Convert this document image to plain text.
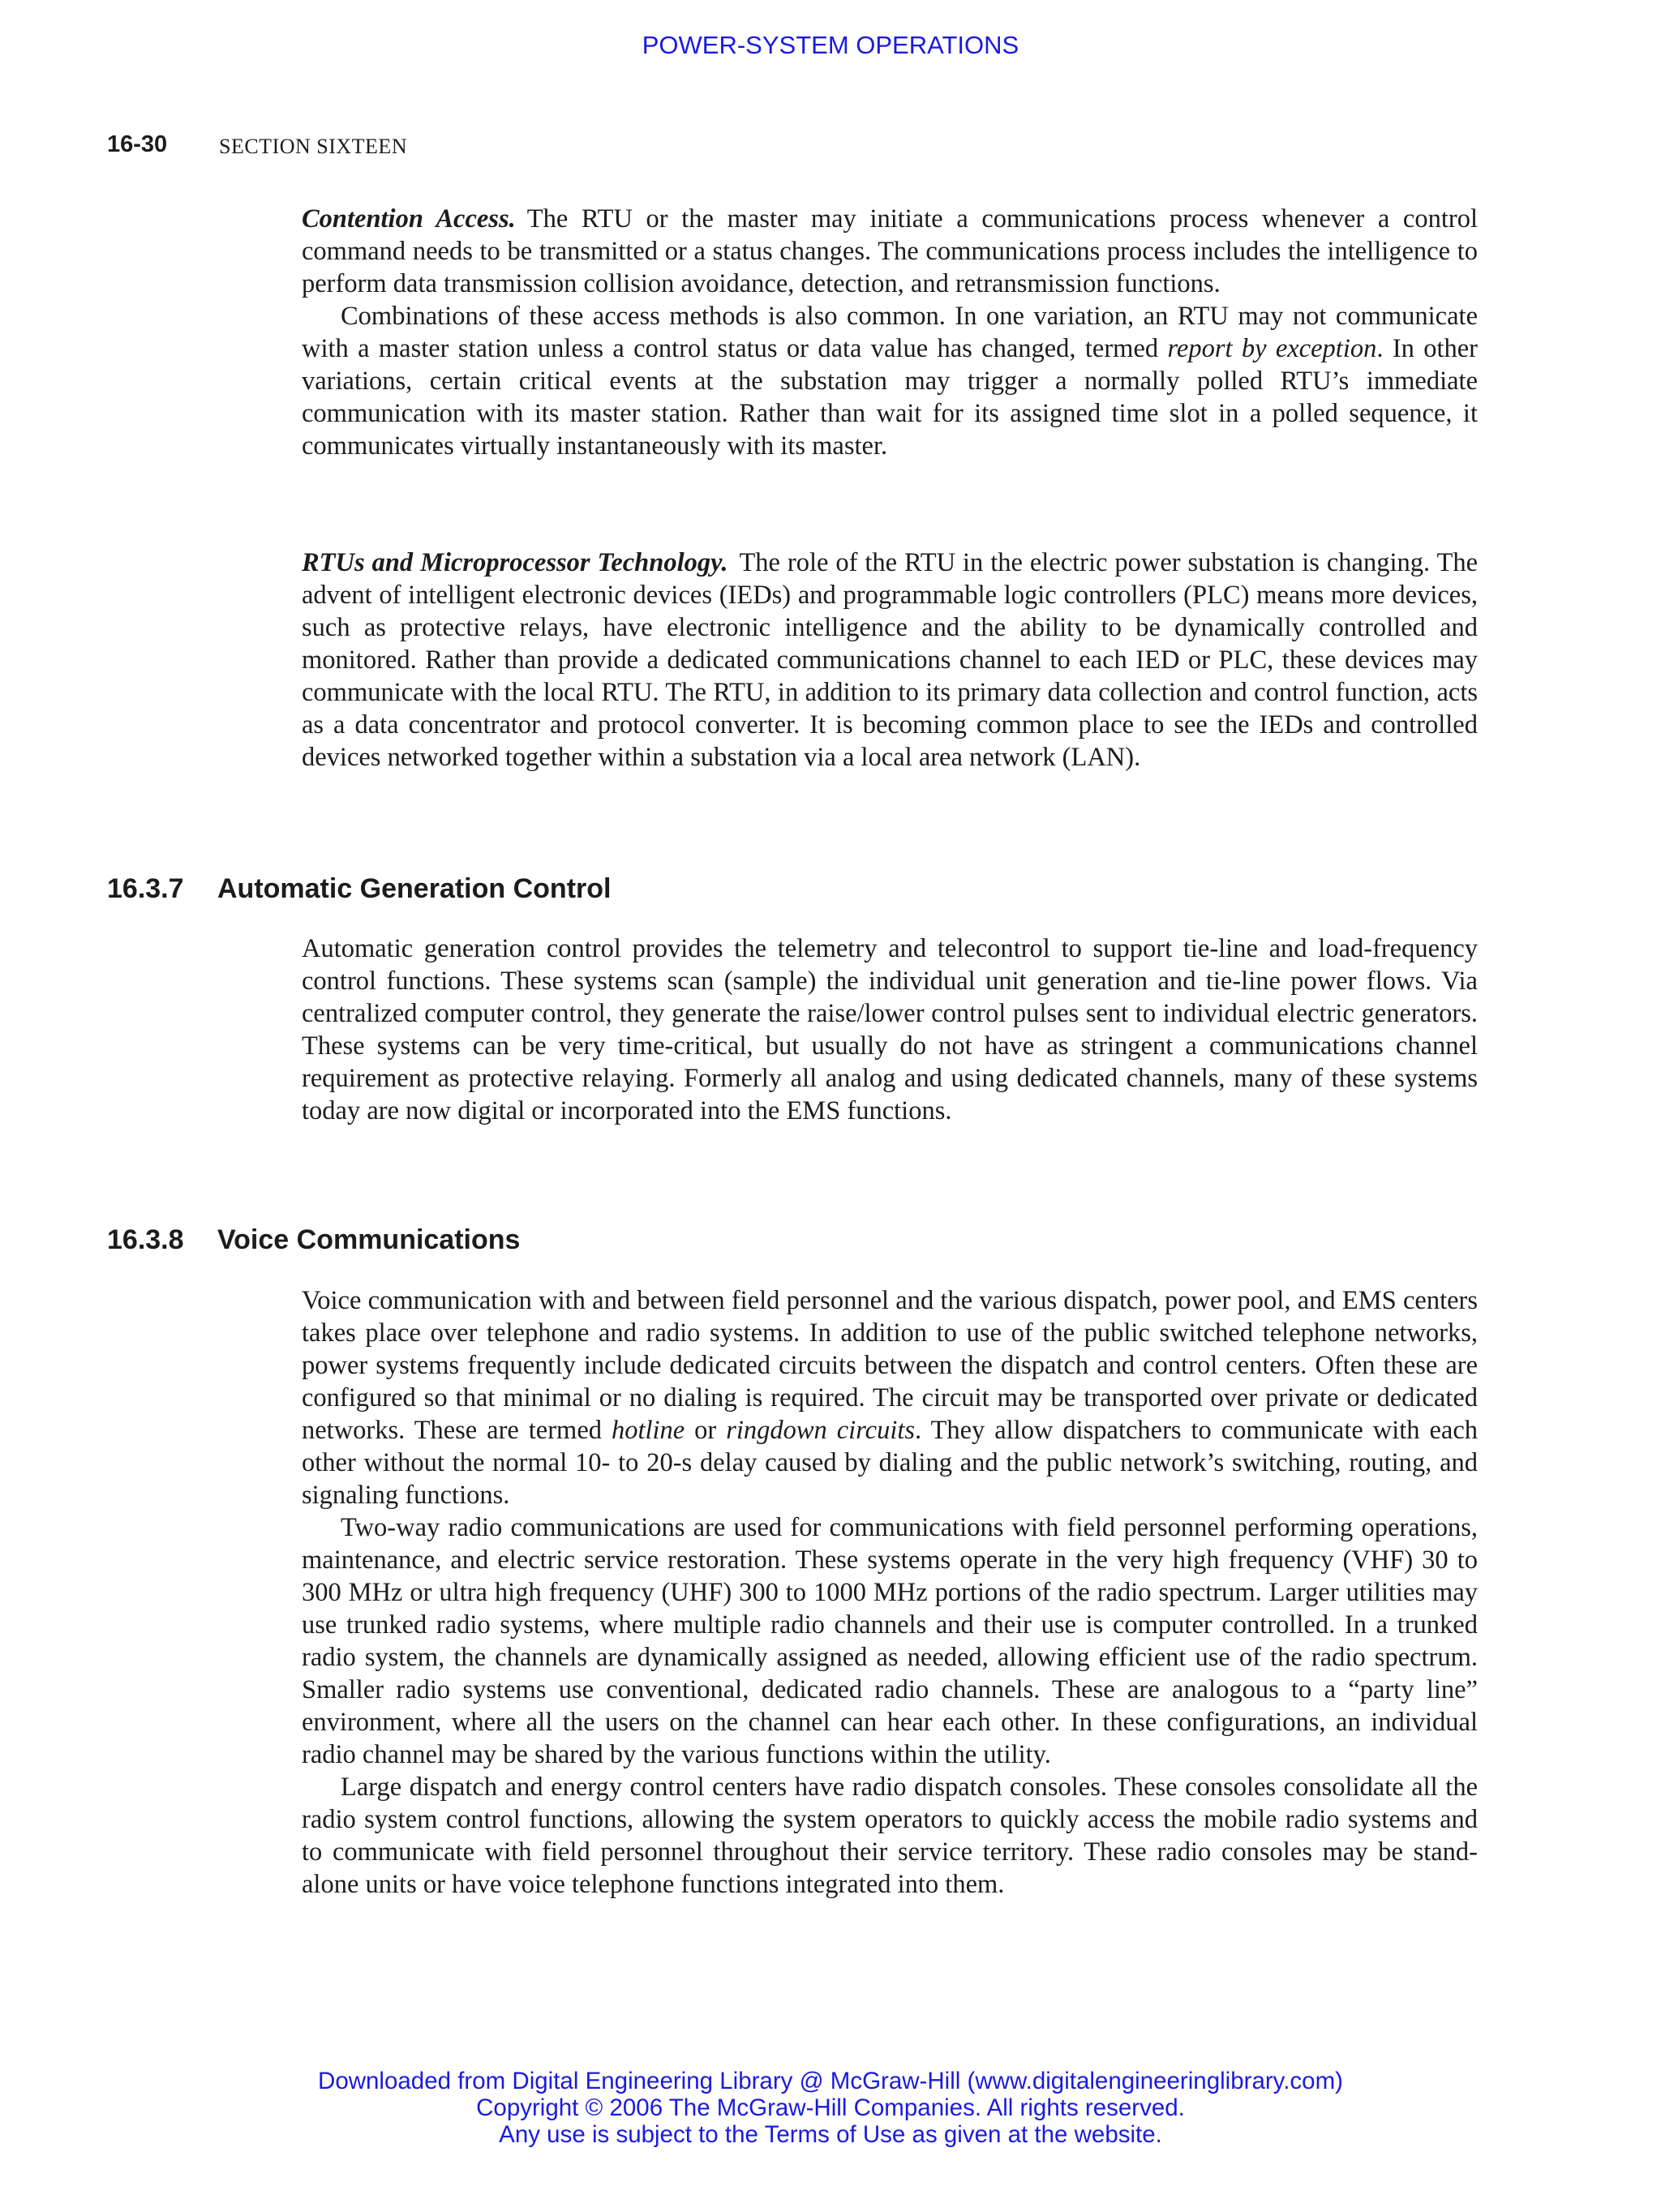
POWER-SYSTEM OPERATIONS
16-30 SECTION SIXTEEN

Contention Access. The RTU or the master may initiate a communications process whenever a control command needs to be transmitted or a status changes. The communications process includes the intelligence to perform data transmission collision avoidance, detection, and retransmission functions.

Combinations of these access methods is also common. In one variation, an RTU may not communicate with a master station unless a control status or data value has changed, termed report by exception. In other variations, certain critical events at the substation may trigger a normally polled RTU’s immediate communication with its master station. Rather than wait for its assigned time slot in a polled sequence, it communicates virtually instantaneously with its master.

RTUs and Microprocessor Technology. The role of the RTU in the electric power substation is changing. The advent of intelligent electronic devices (IEDs) and programmable logic controllers (PLC) means more devices, such as protective relays, have electronic intelligence and the ability to be dynamically controlled and monitored. Rather than provide a dedicated communications channel to each IED or PLC, these devices may communicate with the local RTU. The RTU, in addition to its primary data collection and control function, acts as a data concentrator and protocol converter. It is becoming common place to see the IEDs and controlled devices networked together within a substation via a local area network (LAN).

16.3.7 Automatic Generation Control

Automatic generation control provides the telemetry and telecontrol to support tie-line and load-frequency control functions. These systems scan (sample) the individual unit generation and tie-line power flows. Via centralized computer control, they generate the raise/lower control pulses sent to individual electric generators. These systems can be very time-critical, but usually do not have as stringent a communications channel requirement as protective relaying. Formerly all analog and using dedicated channels, many of these systems today are now digital or incorporated into the EMS functions.

16.3.8 Voice Communications

Voice communication with and between field personnel and the various dispatch, power pool, and EMS centers takes place over telephone and radio systems. In addition to use of the public switched telephone networks, power systems frequently include dedicated circuits between the dispatch and control centers. Often these are configured so that minimal or no dialing is required. The circuit may be transported over private or dedicated networks. These are termed hotline or ringdown circuits. They allow dispatchers to communicate with each other without the normal 10- to 20-s delay caused by dialing and the public network’s switching, routing, and signaling functions.

Two-way radio communications are used for communications with field personnel performing operations, maintenance, and electric service restoration. These systems operate in the very high frequency (VHF) 30 to 300 MHz or ultra high frequency (UHF) 300 to 1000 MHz portions of the radio spectrum. Larger utilities may use trunked radio systems, where multiple radio channels and their use is computer controlled. In a trunked radio system, the channels are dynamically assigned as needed, allowing efficient use of the radio spectrum. Smaller radio systems use conventional, dedicated radio channels. These are analogous to a “party line” environment, where all the users on the channel can hear each other. In these configurations, an individual radio channel may be shared by the various functions within the utility.

Large dispatch and energy control centers have radio dispatch consoles. These consoles consolidate all the radio system control functions, allowing the system operators to quickly access the mobile radio systems and to communicate with field personnel throughout their service territory. These radio consoles may be stand-alone units or have voice telephone functions integrated into them.

Downloaded from Digital Engineering Library @ McGraw-Hill (www.digitalengineeringlibrary.com)
Copyright © 2006 The McGraw-Hill Companies. All rights reserved.
Any use is subject to the Terms of Use as given at the website.
